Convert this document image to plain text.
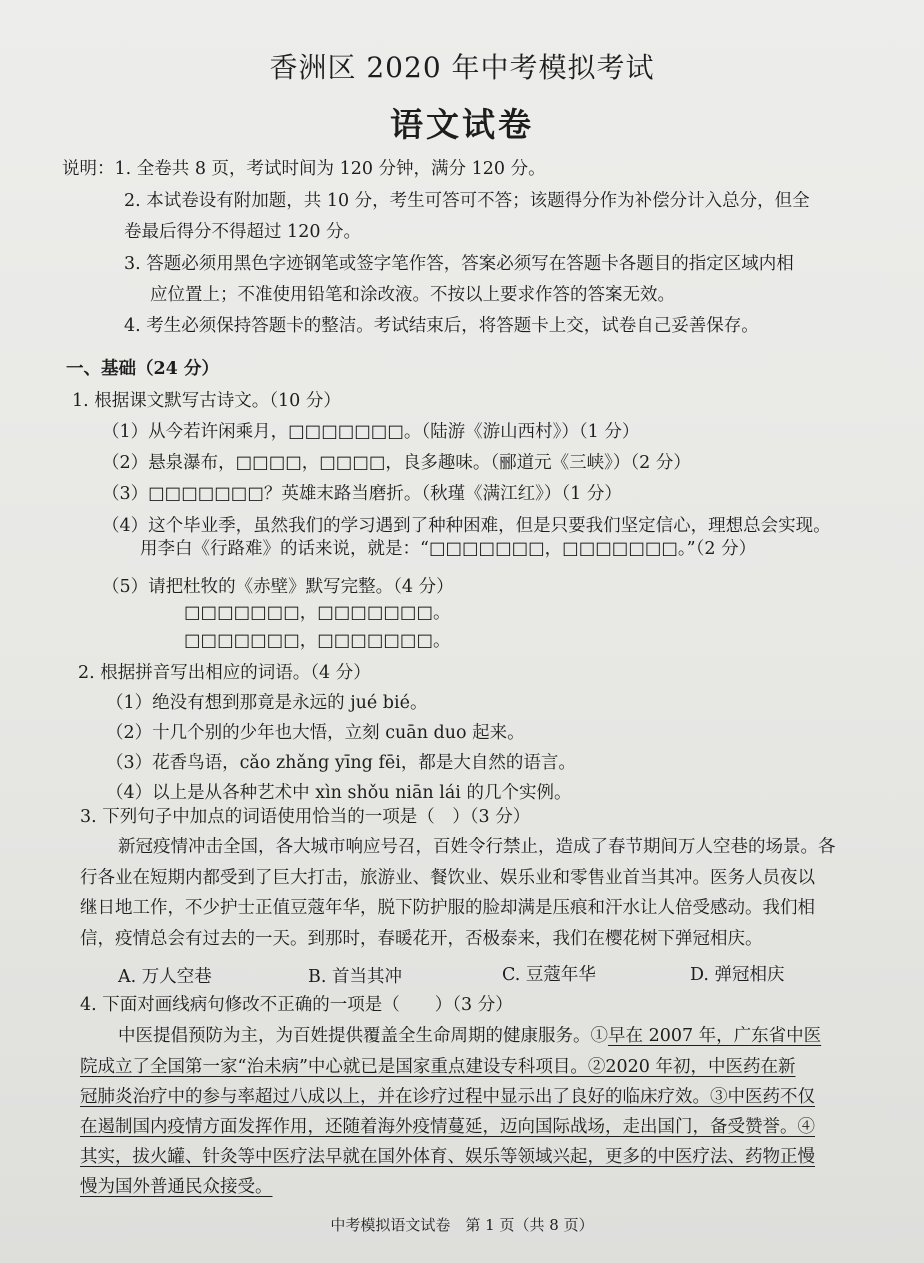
香洲区 2020 年中考模拟考试
语文试卷
说明：1. 全卷共 8 页，考试时间为 120 分钟，满分 120 分。
2. 本试卷设有附加题，共 10 分，考生可答可不答；该题得分作为补偿分计入总分，但全
卷最后得分不得超过 120 分。
3. 答题必须用黑色字迹钢笔或签字笔作答，答案必须写在答题卡各题目的指定区域内相
应位置上；不准使用铅笔和涂改液。不按以上要求作答的答案无效。
4. 考生必须保持答题卡的整洁。考试结束后，将答题卡上交，试卷自己妥善保存。
一、基础（24 分）
1. 根据课文默写古诗文。（10 分）
（1）从今若许闲乘月，□□□□□□□。（陆游《游山西村》）（1 分）
（2）悬泉瀑布，□□□□，□□□□，良多趣味。（郦道元《三峡》）（2 分）
（3）□□□□□□□？英雄末路当磨折。（秋瑾《满江红》）（1 分）
（4）这个毕业季，虽然我们的学习遇到了种种困难，但是只要我们坚定信心，理想总会实现。
用李白《行路难》的话来说，就是：“□□□□□□□，□□□□□□□。”（2 分）
（5）请把杜牧的《赤壁》默写完整。（4 分）
□□□□□□□，□□□□□□□。
□□□□□□□，□□□□□□□。
2. 根据拼音写出相应的词语。（4 分）
（1）绝没有想到那竟是永远的 jué bié。
（2）十几个别的少年也大悟，立刻 cuān duo 起来。
（3）花香鸟语，cǎo zhǎng yīng fēi，都是大自然的语言。
（4）以上是从各种艺术中 xìn shǒu niān lái 的几个实例。
3. 下列句子中加点的词语使用恰当的一项是（　）（3 分）
新冠疫情冲击全国，各大城市响应号召，百姓令行禁止，造成了春节期间万人空巷的场景。各
行各业在短期内都受到了巨大打击，旅游业、餐饮业、娱乐业和零售业首当其冲。医务人员夜以
继日地工作，不少护士正值豆蔻年华，脱下防护服的脸却满是压痕和汗水让人倍受感动。我们相
信，疫情总会有过去的一天。到那时，春暖花开，否极泰来，我们在樱花树下弹冠相庆。
A. 万人空巷	B. 首当其冲	C. 豆蔻年华	D. 弹冠相庆
4. 下面对画线病句修改不正确的一项是（　　）（3 分）
中医提倡预防为主，为百姓提供覆盖全生命周期的健康服务。①早在 2007 年，广东省中医
院成立了全国第一家“治未病”中心就已是国家重点建设专科项目。②2020 年初，中医药在新
冠肺炎治疗中的参与率超过八成以上，并在诊疗过程中显示出了良好的临床疗效。③中医药不仅
在遏制国内疫情方面发挥作用，还随着海外疫情蔓延，迈向国际战场，走出国门，备受赞誉。④
其实，拔火罐、针灸等中医疗法早就在国外体育、娱乐等领域兴起，更多的中医疗法、药物正慢
慢为国外普通民众接受。
中考模拟语文试卷　第 1 页（共 8 页）
